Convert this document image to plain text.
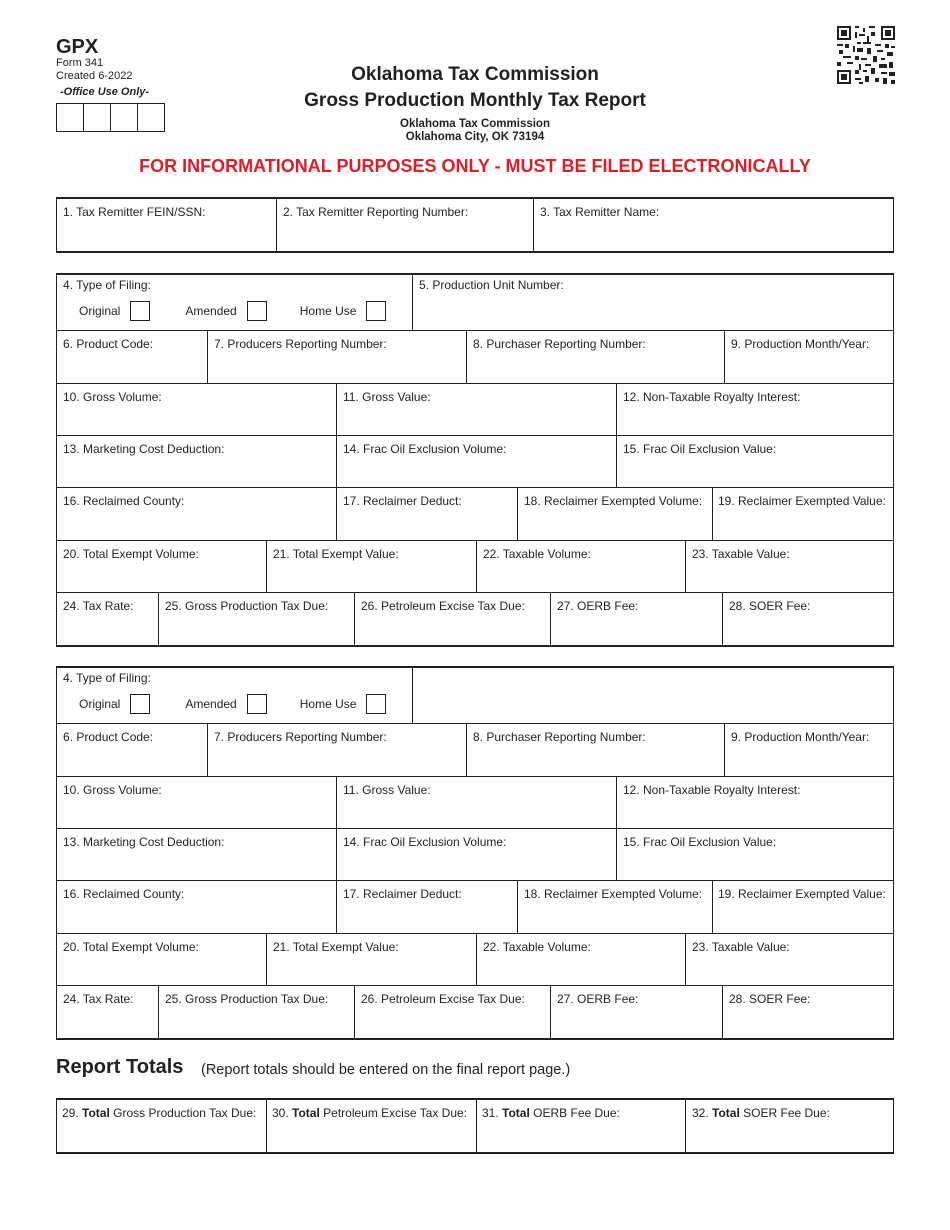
GPX
Form 341
Created 6-2022
-Office Use Only-
Oklahoma Tax Commission
Gross Production Monthly Tax Report
Oklahoma Tax Commission
Oklahoma City, OK 73194
FOR INFORMATIONAL PURPOSES ONLY - MUST BE FILED ELECTRONICALLY
1. Tax Remitter FEIN/SSN:	2. Tax Remitter Reporting Number:	3. Tax Remitter Name:
4. Type of Filing:
Original	Amended	Home Use
5. Production Unit Number:
6. Product Code:	7. Producers Reporting Number:	8. Purchaser Reporting Number:	9. Production Month/Year:
10. Gross Volume:	11. Gross Value:	12. Non-Taxable Royalty Interest:
13. Marketing Cost Deduction:	14. Frac Oil Exclusion Volume:	15. Frac Oil Exclusion Value:
16. Reclaimed County:	17. Reclaimer Deduct:	18. Reclaimer Exempted Volume:	19. Reclaimer Exempted Value:
20. Total Exempt Volume:	21. Total Exempt Value:	22. Taxable Volume:	23. Taxable Value:
24. Tax Rate:	25. Gross Production Tax Due:	26. Petroleum Excise Tax Due:	27. OERB Fee:	28. SOER Fee:
4. Type of Filing:
Original	Amended	Home Use
6. Product Code:	7. Producers Reporting Number:	8. Purchaser Reporting Number:	9. Production Month/Year:
10. Gross Volume:	11. Gross Value:	12. Non-Taxable Royalty Interest:
13. Marketing Cost Deduction:	14. Frac Oil Exclusion Volume:	15. Frac Oil Exclusion Value:
16. Reclaimed County:	17. Reclaimer Deduct:	18. Reclaimer Exempted Volume:	19. Reclaimer Exempted Value:
20. Total Exempt Volume:	21. Total Exempt Value:	22. Taxable Volume:	23. Taxable Value:
24. Tax Rate:	25. Gross Production Tax Due:	26. Petroleum Excise Tax Due:	27. OERB Fee:	28. SOER Fee:
Report Totals (Report totals should be entered on the final report page.)
29. Total Gross Production Tax Due:	30. Total Petroleum Excise Tax Due:	31. Total OERB Fee Due:	32. Total SOER Fee Due:
